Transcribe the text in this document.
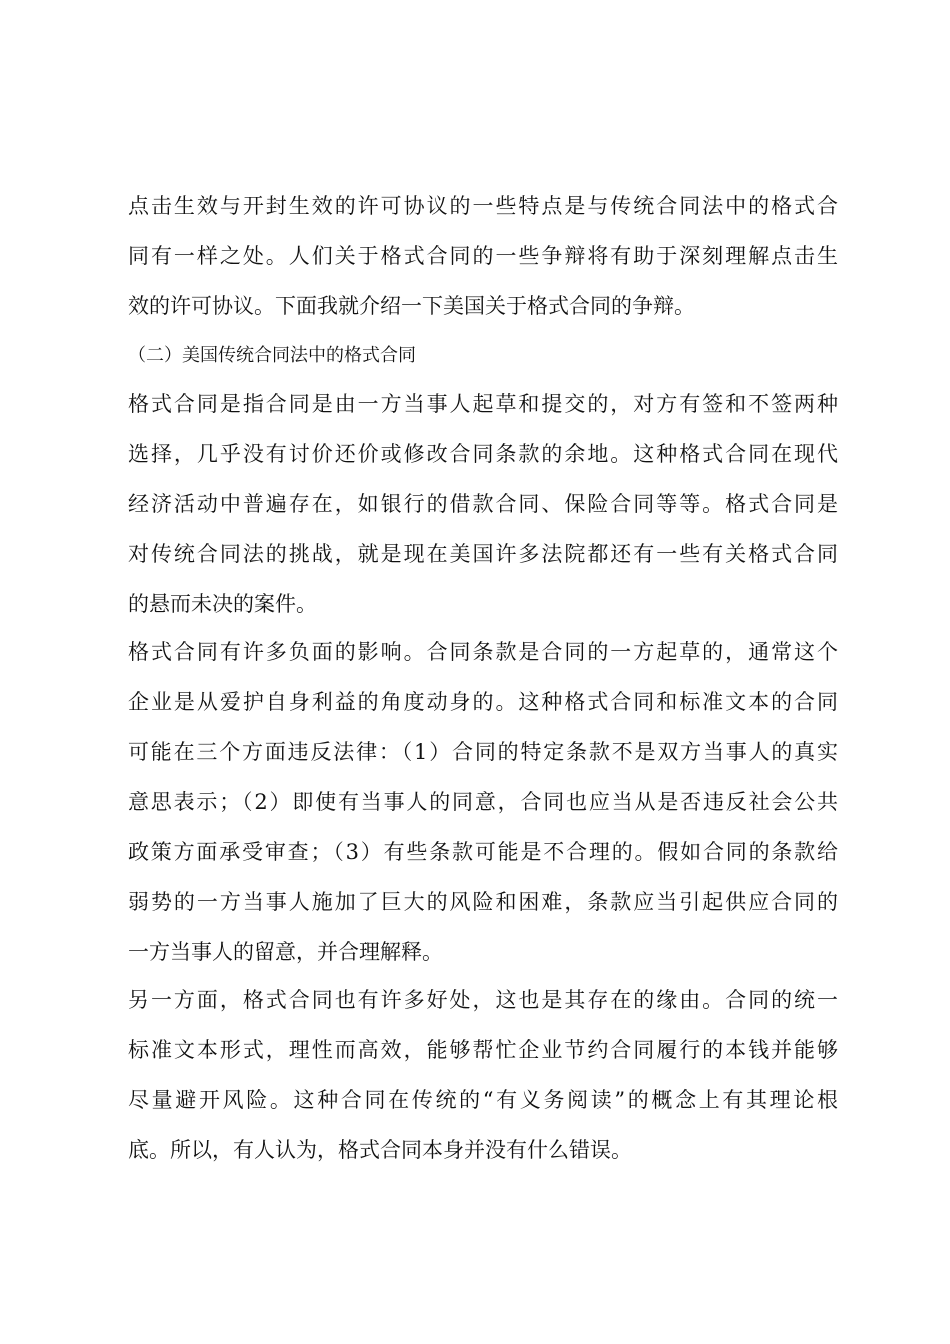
点击生效与开封生效的许可协议的一些特点是与传统合同法中的格式合
同有一样之处。人们关于格式合同的一些争辩将有助于深刻理解点击生
效的许可协议。下面我就介绍一下美国关于格式合同的争辩。
（二）美国传统合同法中的格式合同
格式合同是指合同是由一方当事人起草和提交的，对方有签和不签两种
选择，几乎没有讨价还价或修改合同条款的余地。这种格式合同在现代
经济活动中普遍存在，如银行的借款合同、保险合同等等。格式合同是
对传统合同法的挑战，就是现在美国许多法院都还有一些有关格式合同
的悬而未决的案件。
格式合同有许多负面的影响。合同条款是合同的一方起草的，通常这个
企业是从爱护自身利益的角度动身的。这种格式合同和标准文本的合同
可能在三个方面违反法律：（1）合同的特定条款不是双方当事人的真实
意思表示；（2）即使有当事人的同意，合同也应当从是否违反社会公共
政策方面承受审查；（3）有些条款可能是不合理的。假如合同的条款给
弱势的一方当事人施加了巨大的风险和困难，条款应当引起供应合同的
一方当事人的留意，并合理解释。
另一方面，格式合同也有许多好处，这也是其存在的缘由。合同的统一
标准文本形式，理性而高效，能够帮忙企业节约合同履行的本钱并能够
尽量避开风险。这种合同在传统的“有义务阅读”的概念上有其理论根
底。所以，有人认为，格式合同本身并没有什么错误。
